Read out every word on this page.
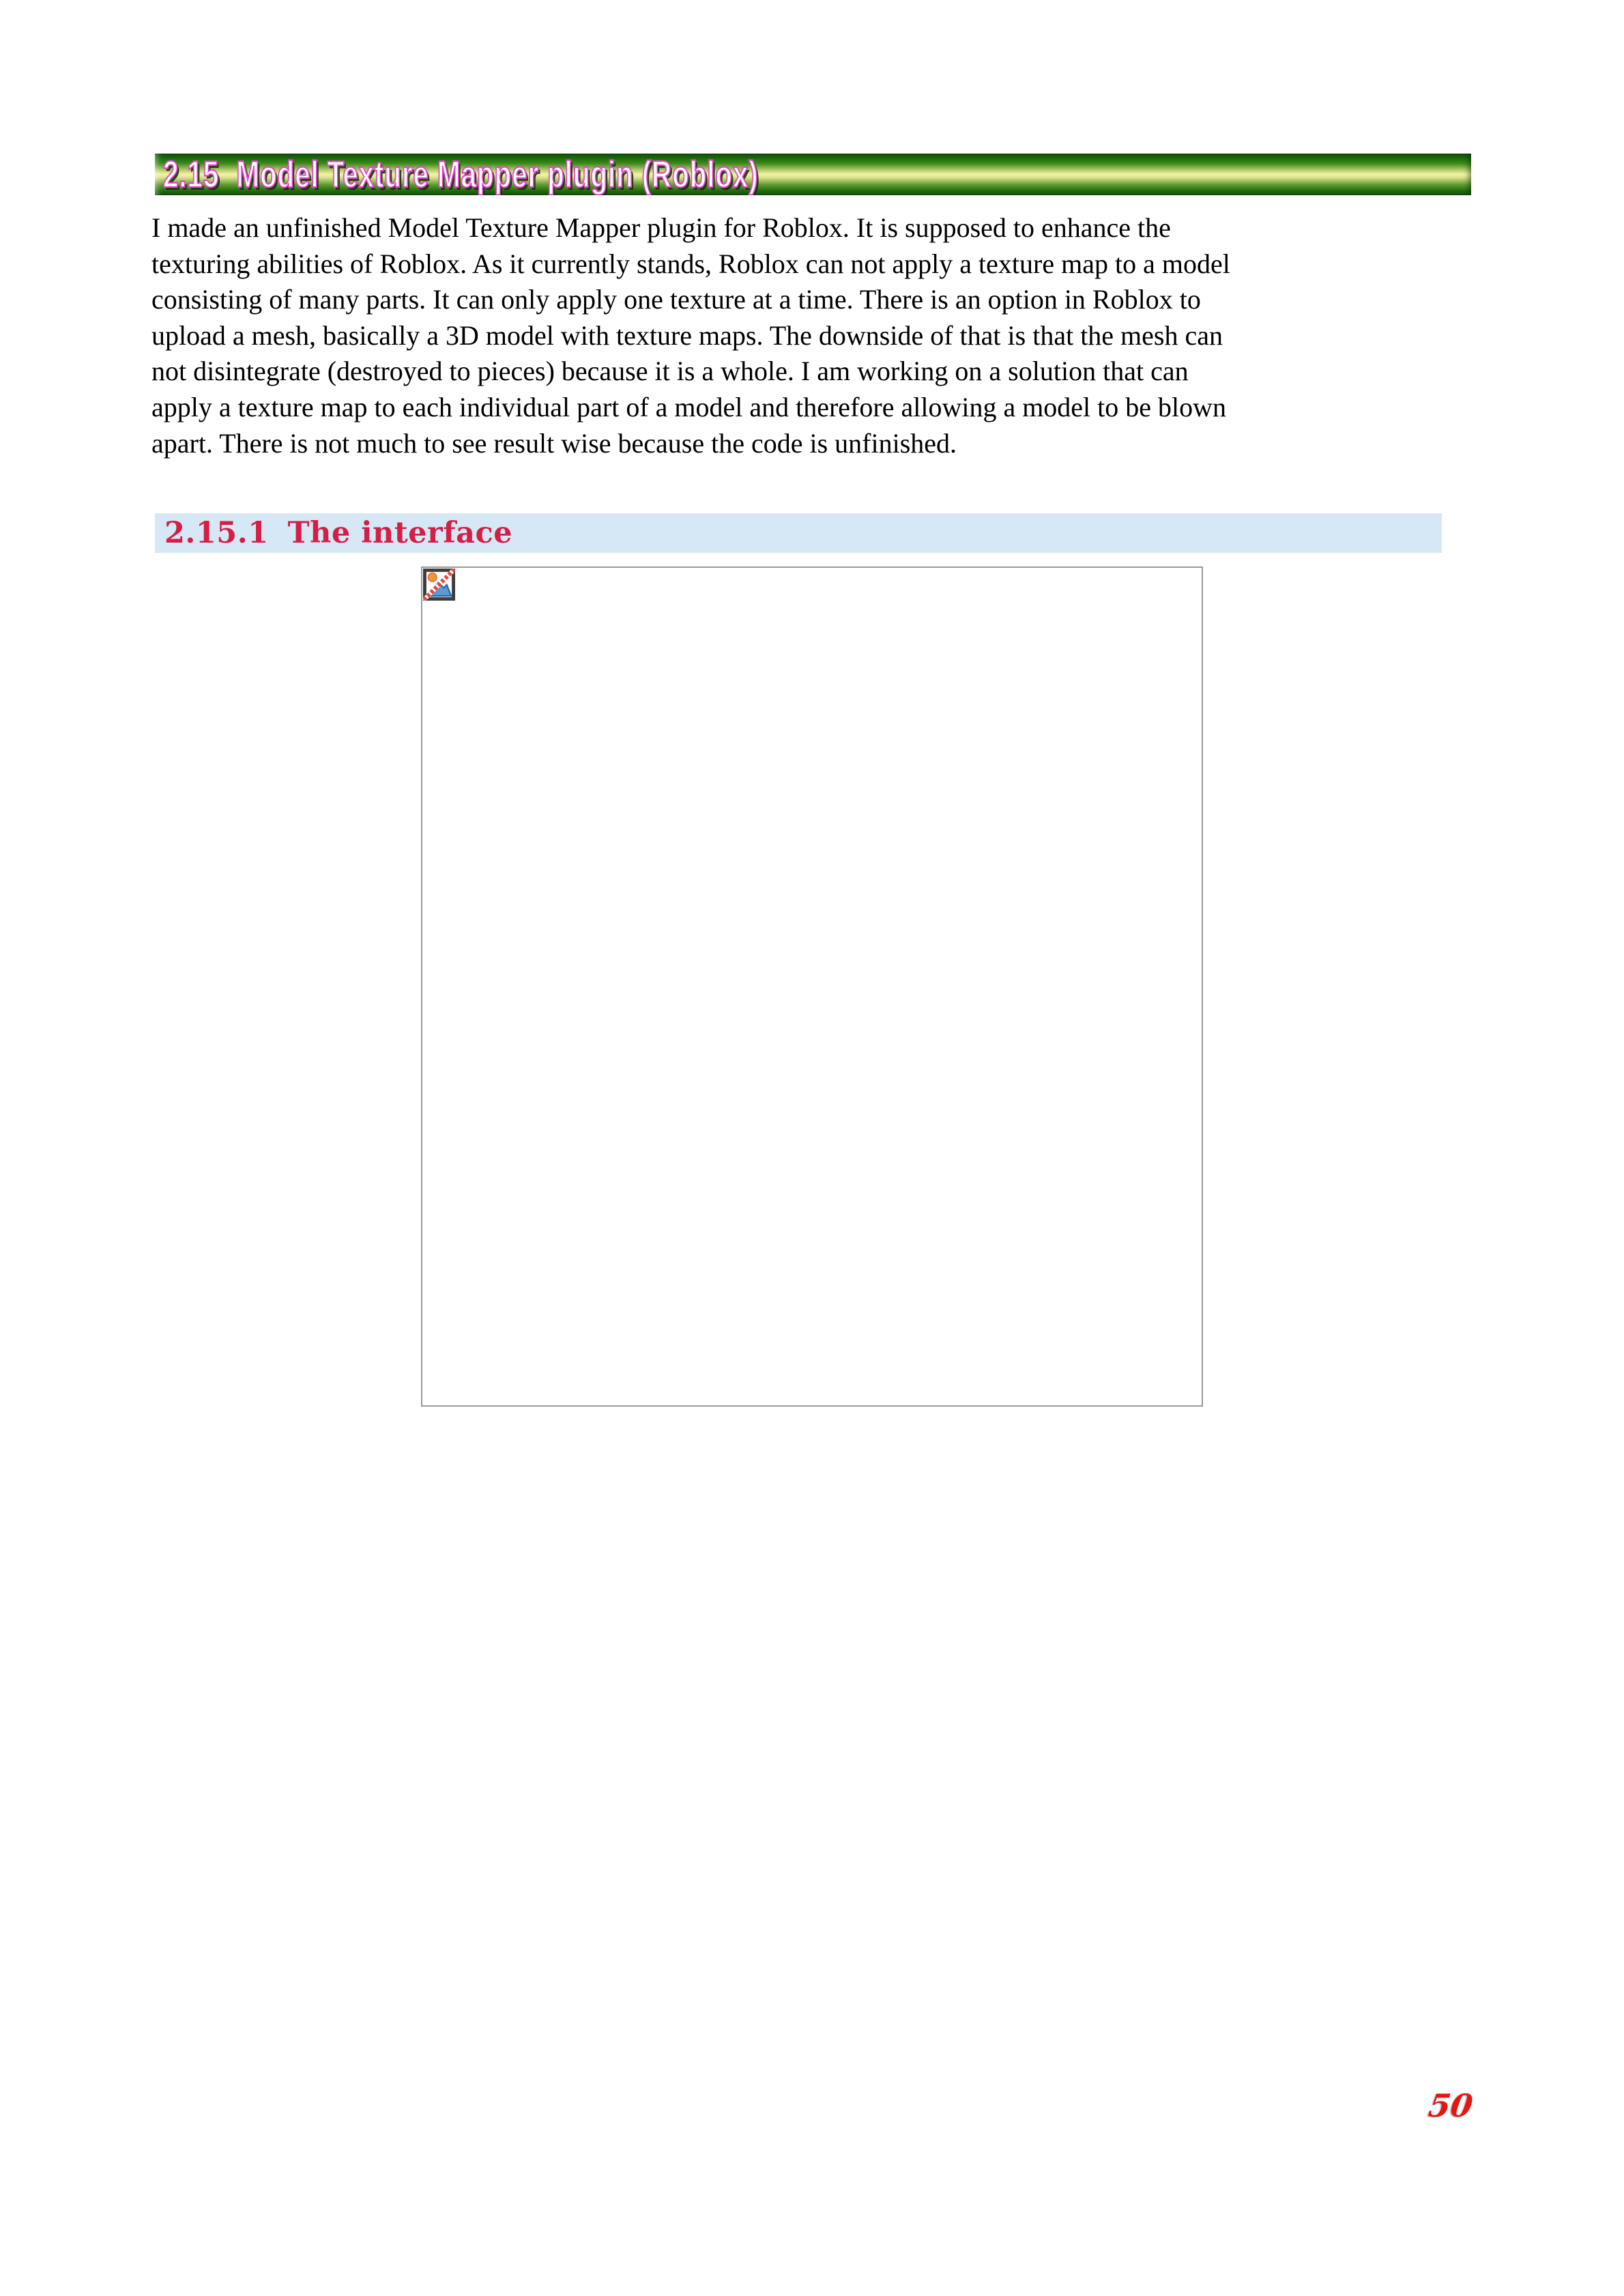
2.15 Model Texture Mapper plugin (Roblox)
I made an unfinished Model Texture Mapper plugin for Roblox. It is supposed to enhance the
texturing abilities of Roblox. As it currently stands, Roblox can not apply a texture map to a model
consisting of many parts. It can only apply one texture at a time. There is an option in Roblox to
upload a mesh, basically a 3D model with texture maps. The downside of that is that the mesh can
not disintegrate (destroyed to pieces) because it is a whole. I am working on a solution that can
apply a texture map to each individual part of a model and therefore allowing a model to be blown
apart. There is not much to see result wise because the code is unfinished.
2.15.1 The interface
50
